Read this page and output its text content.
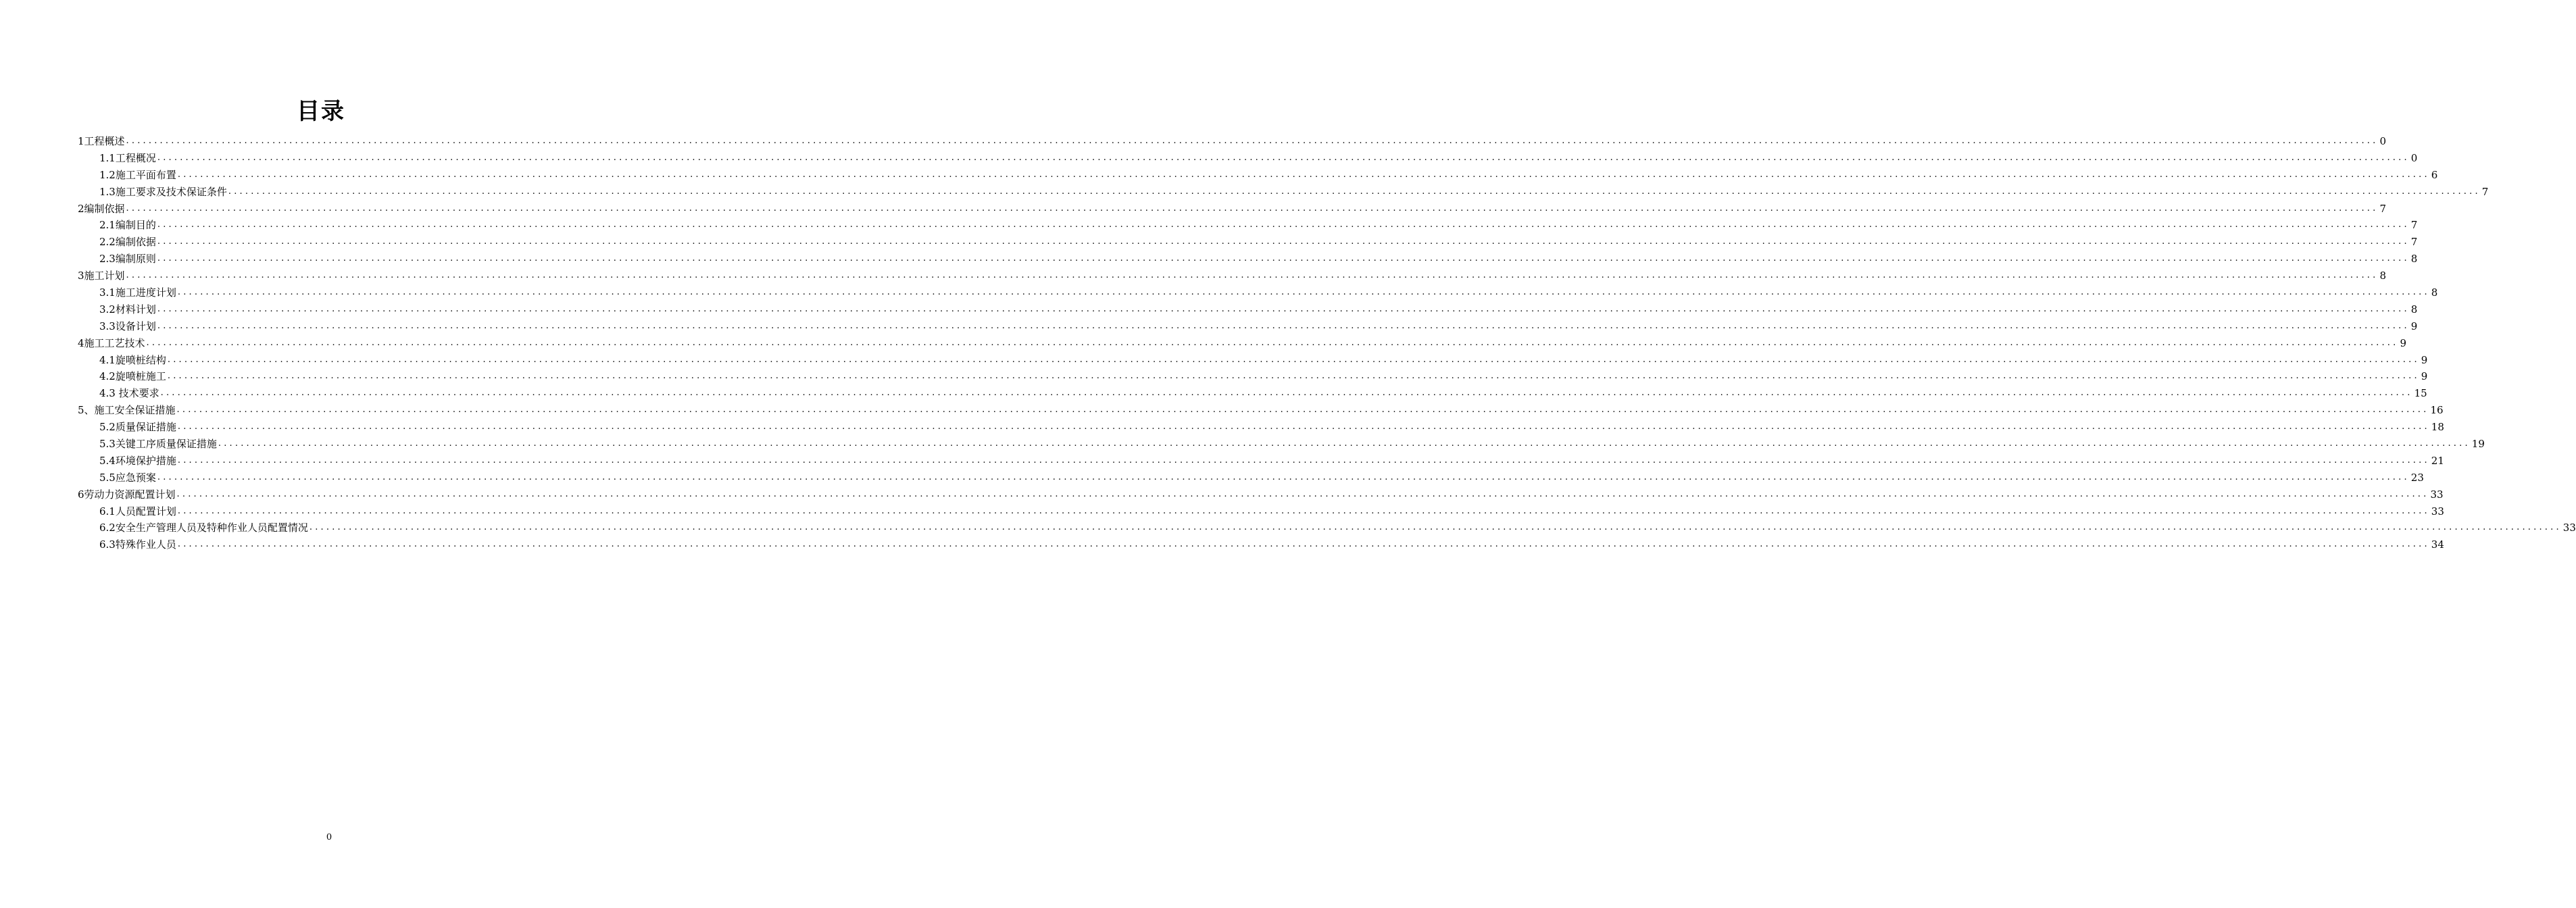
目录
1工程概述 ................................................................................................................................................................................................................................................................................................................................................................................................................ 0
1.1工程概况 ................................................................................................................................................................................................................................................................................................................................................................................................................ 0
1.2施工平面布置 ................................................................................................................................................................................................................................................................................................................................................................................................................ 6
1.3施工要求及技术保证条件 ................................................................................................................................................................................................................................................................................................................................................................................................................ 7
2编制依据 ................................................................................................................................................................................................................................................................................................................................................................................................................ 7
2.1编制目的 ................................................................................................................................................................................................................................................................................................................................................................................................................ 7
2.2编制依据 ................................................................................................................................................................................................................................................................................................................................................................................................................ 7
2.3编制原则 ................................................................................................................................................................................................................................................................................................................................................................................................................ 8
3施工计划 ................................................................................................................................................................................................................................................................................................................................................................................................................ 8
3.1施工进度计划 ................................................................................................................................................................................................................................................................................................................................................................................................................ 8
3.2材料计划 ................................................................................................................................................................................................................................................................................................................................................................................................................ 8
3.3设备计划 ................................................................................................................................................................................................................................................................................................................................................................................................................ 9
4施工工艺技术 ................................................................................................................................................................................................................................................................................................................................................................................................................ 9
4.1旋喷桩结构 ................................................................................................................................................................................................................................................................................................................................................................................................................ 9
4.2旋喷桩施工 ................................................................................................................................................................................................................................................................................................................................................................................................................ 9
4.3 技术要求 ................................................................................................................................................................................................................................................................................................................................................................................................................ 15
5、施工安全保证措施 ................................................................................................................................................................................................................................................................................................................................................................................................................ 16
5.2质量保证措施 ................................................................................................................................................................................................................................................................................................................................................................................................................ 18
5.3关键工序质量保证措施 ................................................................................................................................................................................................................................................................................................................................................................................................................ 19
5.4环境保护措施 ................................................................................................................................................................................................................................................................................................................................................................................................................ 21
5.5应急预案 ................................................................................................................................................................................................................................................................................................................................................................................................................ 23
6劳动力资源配置计划 ................................................................................................................................................................................................................................................................................................................................................................................................................ 33
6.1人员配置计划 ................................................................................................................................................................................................................................................................................................................................................................................................................ 33
6.2安全生产管理人员及特种作业人员配置情况 ................................................................................................................................................................................................................................................................................................................................................................................................................ 33
6.3特殊作业人员 ................................................................................................................................................................................................................................................................................................................................................................................................................ 34
0
